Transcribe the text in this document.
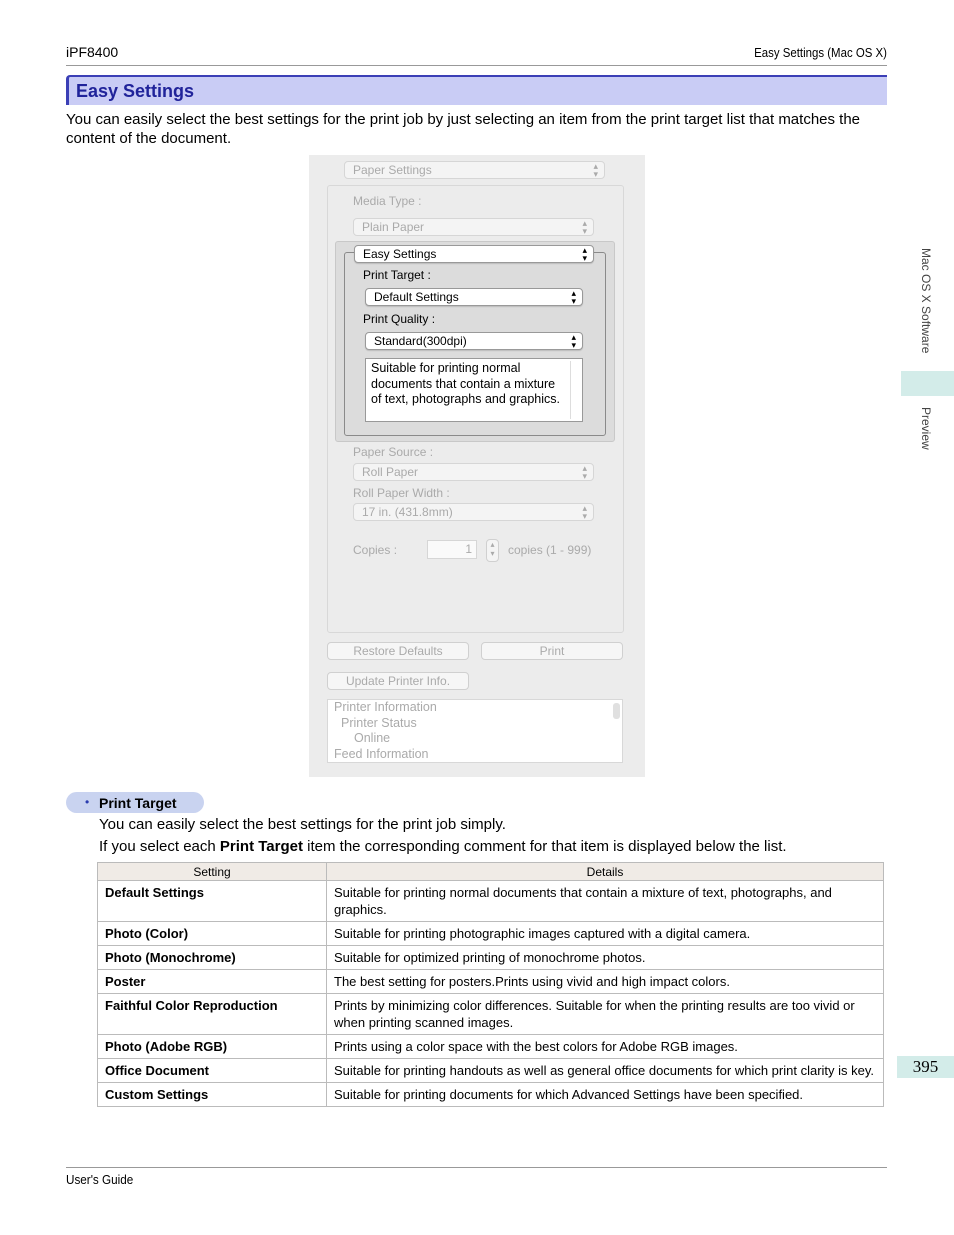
iPF8400	Easy Settings (Mac OS X)
Easy Settings
You can easily select the best settings for the print job by just selecting an item from the print target list that matches the content of the document.
Paper Settings	▴
▾
Media Type :
Plain Paper	▴
▾
Easy Settings	▴
▾
Print Target :
Default Settings	▴
▾
Print Quality :
Standard(300dpi)	▴
▾
Suitable for printing normal documents that contain a mixture of text, photographs and graphics.
Paper Source :
Roll Paper	▴
▾
Roll Paper Width :
17 in. (431.8mm)	▴
▾
Copies :	1	▴
▾	copies (1 - 999)
Restore Defaults	Print
Update Printer Info.
Printer Information
Printer Status
Online
Feed Information
• Print Target
You can easily select the best settings for the print job simply.
If you select each Print Target item the corresponding comment for that item is displayed below the list.
Setting	Details
Default Settings	Suitable for printing normal documents that contain a mixture of text, photographs, and graphics.
Photo (Color)	Suitable for printing photographic images captured with a digital camera.
Photo (Monochrome)	Suitable for optimized printing of monochrome photos.
Poster	The best setting for posters.Prints using vivid and high impact colors.
Faithful Color Reproduction	Prints by minimizing color differences. Suitable for when the printing results are too vivid or when printing scanned images.
Photo (Adobe RGB)	Prints using a color space with the best colors for Adobe RGB images.
Office Document	Suitable for printing handouts as well as general office documents for which print clarity is key.
Custom Settings	Suitable for printing documents for which Advanced Settings have been specified.
Mac OS X Software
Preview
395
User's Guide
